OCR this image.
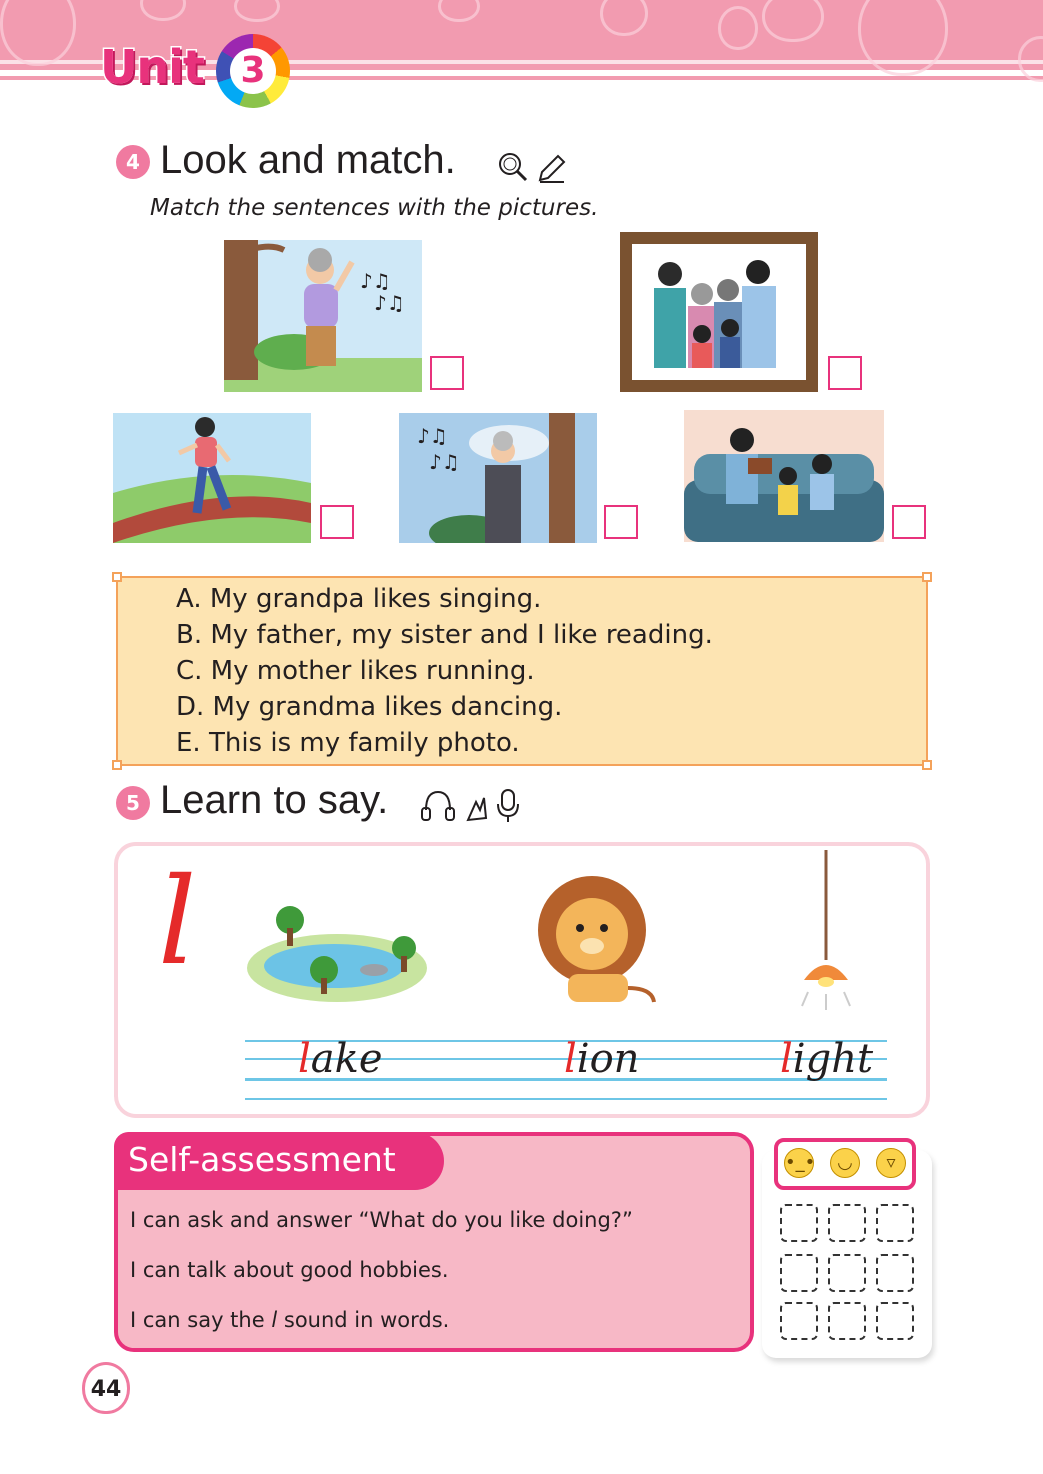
Unit 3
4 Look and match.
Match the sentences with the pictures.
♪♫
♪♫
♪♫
♪♫
A. My grandpa likes singing.
B. My father, my sister and I like reading.
C. My mother likes running.
D. My grandma likes dancing.
E. This is my family photo.
5 Learn to say.
l
lake	lion	light
Self-assessment
I can ask and answer “What do you like doing?”
I can talk about good hobbies.
I can say the l sound in words.
•_•	◡	▿
44
